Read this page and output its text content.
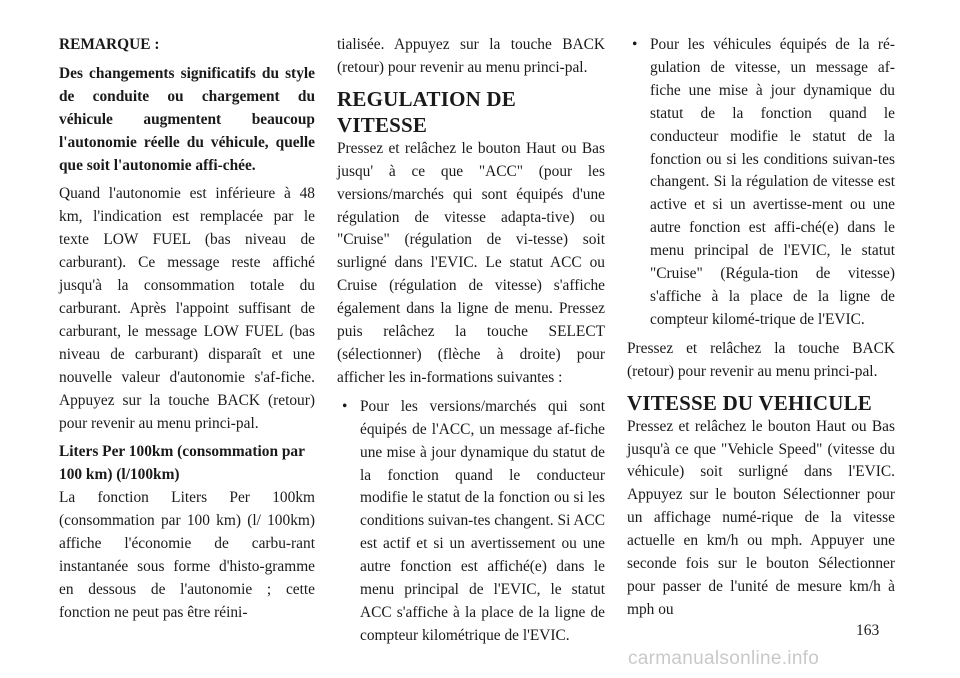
REMARQUE :

Des changements significatifs du style de conduite ou chargement du véhicule augmentent beaucoup l'autonomie réelle du véhicule, quelle que soit l'autonomie affi-chée.

Quand l'autonomie est inférieure à 48 km, l'indication est remplacée par le texte LOW FUEL (bas niveau de carburant). Ce message reste affiché jusqu'à la consommation totale du carburant. Après l'appoint suffisant de carburant, le message LOW FUEL (bas niveau de carburant) disparaît et une nouvelle valeur d'autonomie s'af-fiche. Appuyez sur la touche BACK (retour) pour revenir au menu princi-pal.

Liters Per 100km (consommation par 100 km) (l/100km)

La fonction Liters Per 100km (consommation par 100 km) (l/ 100km) affiche l'économie de carbu-rant instantanée sous forme d'histo-gramme en dessous de l'autonomie ; cette fonction ne peut pas être réini-

tialisée. Appuyez sur la touche BACK (retour) pour revenir au menu princi-pal.

REGULATION DE VITESSE

Pressez et relâchez le bouton Haut ou Bas jusqu' à ce que "ACC" (pour les versions/marchés qui sont équipés d'une régulation de vitesse adapta-tive) ou "Cruise" (régulation de vi-tesse) soit surligné dans l'EVIC. Le statut ACC ou Cruise (régulation de vitesse) s'affiche également dans la ligne de menu. Pressez puis relâchez la touche SELECT (sélectionner) (flèche à droite) pour afficher les in-formations suivantes :

• Pour les versions/marchés qui sont équipés de l'ACC, un message af-fiche une mise à jour dynamique du statut de la fonction quand le conducteur modifie le statut de la fonction ou si les conditions suivan-tes changent. Si ACC est actif et si un avertissement ou une autre fonction est affiché(e) dans le menu principal de l'EVIC, le statut ACC s'affiche à la place de la ligne de compteur kilométrique de l'EVIC.
• Pour les véhicules équipés de la ré-gulation de vitesse, un message af-fiche une mise à jour dynamique du statut de la fonction quand le conducteur modifie le statut de la fonction ou si les conditions suivan-tes changent. Si la régulation de vitesse est active et si un avertisse-ment ou une autre fonction est affi-ché(e) dans le menu principal de l'EVIC, le statut "Cruise" (Régula-tion de vitesse) s'affiche à la place de la ligne de compteur kilomé-trique de l'EVIC.

Pressez et relâchez la touche BACK (retour) pour revenir au menu princi-pal.

VITESSE DU VEHICULE

Pressez et relâchez le bouton Haut ou Bas jusqu'à ce que "Vehicle Speed" (vitesse du véhicule) soit surligné dans l'EVIC. Appuyez sur le bouton Sélectionner pour un affichage numé-rique de la vitesse actuelle en km/h ou mph. Appuyer une seconde fois sur le bouton Sélectionner pour passer de l'unité de mesure km/h à mph ou

163
carmanualsonline.info
